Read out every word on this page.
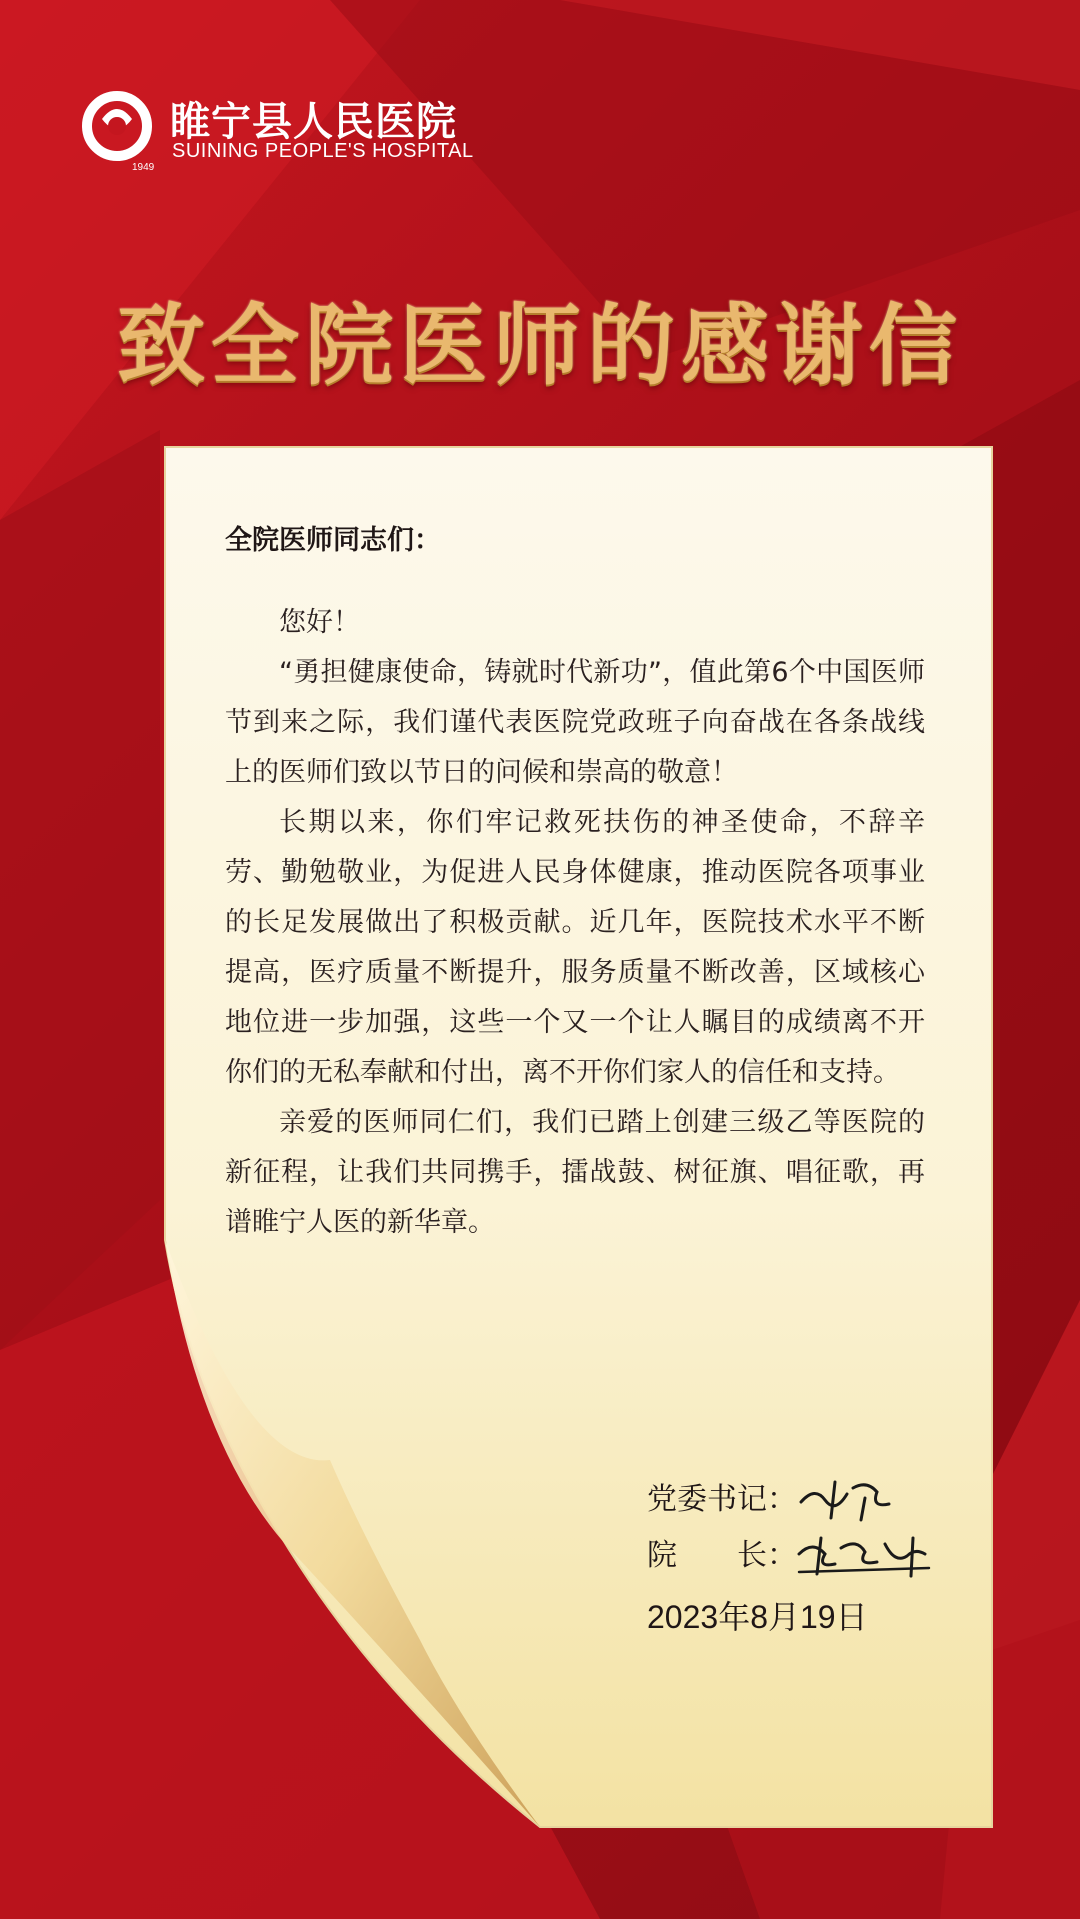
1949
睢宁县人民医院
SUINING PEOPLE'S HOSPITAL
致全院医师的感谢信
全院医师同志们：

您好！

“勇担健康使命，铸就时代新功”，值此第6个中国医师节到来之际，我们谨代表医院党政班子向奋战在各条战线上的医师们致以节日的问候和崇高的敬意！

长期以来，你们牢记救死扶伤的神圣使命，不辞辛劳、勤勉敬业，为促进人民身体健康，推动医院各项事业的长足发展做出了积极贡献。近几年，医院技术水平不断提高，医疗质量不断提升，服务质量不断改善，区域核心地位进一步加强，这些一个又一个让人瞩目的成绩离不开你们的无私奉献和付出，离不开你们家人的信任和支持。

亲爱的医师同仁们，我们已踏上创建三级乙等医院的新征程，让我们共同携手，擂战鼓、树征旗、唱征歌，再谱睢宁人医的新华章。

党委书记：
院　　长：
2023年8月19日
